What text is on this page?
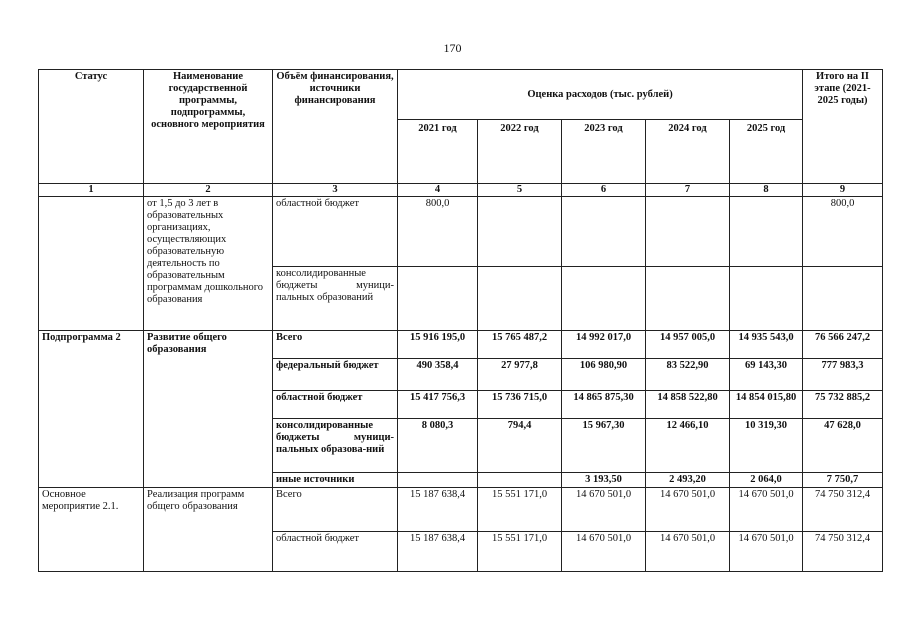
170
Статус	Наименование государственной программы, подпрограммы, основного мероприятия	Объём финансирования, источники финансирования	Оценка расходов (тыс. рублей)					Итого на II этапе (2021-2025 годы)
			2021 год	2022 год	2023 год	2024 год	2025 год	
1	2	3	4	5	6	7	8	9
	от 1,5 до 3 лет в образовательных организациях, осуществляющих образовательную деятельность по образовательным программам дошкольного образования	областной бюджет	800,0					800,0
		консолидированные бюджеты муници-пальных образований						
Подпрограмма 2	Развитие общего образования	Всего	15 916 195,0	15 765 487,2	14 992 017,0	14 957 005,0	14 935 543,0	76 566 247,2
		федеральный бюджет	490 358,4	27 977,8	106 980,90	83 522,90	69 143,30	777 983,3
		областной бюджет	15 417 756,3	15 736 715,0	14 865 875,30	14 858 522,80	14 854 015,80	75 732 885,2
		консолидированные бюджеты муници-пальных образова-ний	8 080,3	794,4	15 967,30	12 466,10	10 319,30	47 628,0
		иные источники			3 193,50	2 493,20	2 064,0	7 750,7
Основное мероприятие 2.1.	Реализация программ общего образования	Всего	15 187 638,4	15 551 171,0	14 670 501,0	14 670 501,0	14 670 501,0	74 750 312,4
		областной бюджет	15 187 638,4	15 551 171,0	14 670 501,0	14 670 501,0	14 670 501,0	74 750 312,4
